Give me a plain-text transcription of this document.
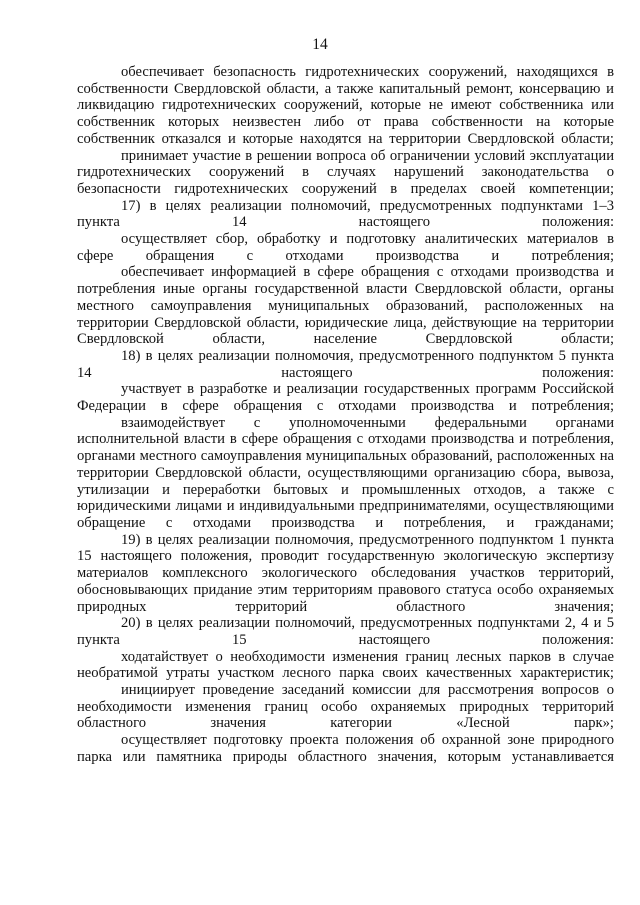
14

обеспечивает безопасность гидротехнических сооружений, находящихся в собственности Свердловской области, а также капитальный ремонт, консервацию и ликвидацию гидротехнических сооружений, которые не имеют собственника или собственник которых неизвестен либо от права собственности на которые собственник отказался и которые находятся на территории Свердловской области;

принимает участие в решении вопроса об ограничении условий эксплуатации гидротехнических сооружений в случаях нарушений законодательства о безопасности гидротехнических сооружений в пределах своей компетенции;

17) в целях реализации полномочий, предусмотренных подпунктами 1–3 пункта 14 настоящего положения:

осуществляет сбор, обработку и подготовку аналитических материалов в сфере обращения с отходами производства и потребления;

обеспечивает информацией в сфере обращения с отходами производства и потребления иные органы государственной власти Свердловской области, органы местного самоуправления муниципальных образований, расположенных на территории Свердловской области, юридические лица, действующие на территории Свердловской области, население Свердловской области;

18) в целях реализации полномочия, предусмотренного подпунктом 5 пункта 14 настоящего положения:

участвует в разработке и реализации государственных программ Российской Федерации в сфере обращения с отходами производства и потребления;

взаимодействует с уполномоченными федеральными органами исполнительной власти в сфере обращения с отходами производства и потребления, органами местного самоуправления муниципальных образований, расположенных на территории Свердловской области, осуществляющими организацию сбора, вывоза, утилизации и переработки бытовых и промышленных отходов, а также с юридическими лицами и индивидуальными предпринимателями, осуществляющими обращение с отходами производства и потребления, и гражданами;

19) в целях реализации полномочия, предусмотренного подпунктом 1 пункта 15 настоящего положения, проводит государственную экологическую экспертизу материалов комплексного экологического обследования участков территорий, обосновывающих придание этим территориям правового статуса особо охраняемых природных территорий областного значения;

20) в целях реализации полномочий, предусмотренных подпунктами 2, 4 и 5 пункта 15 настоящего положения:

ходатайствует о необходимости изменения границ лесных парков в случае необратимой утраты участком лесного парка своих качественных характеристик;

инициирует проведение заседаний комиссии для рассмотрения вопросов о необходимости изменения границ особо охраняемых природных территорий областного значения категории «Лесной парк»;

осуществляет подготовку проекта положения об охранной зоне природного парка или памятника природы областного значения, которым устанавливается
